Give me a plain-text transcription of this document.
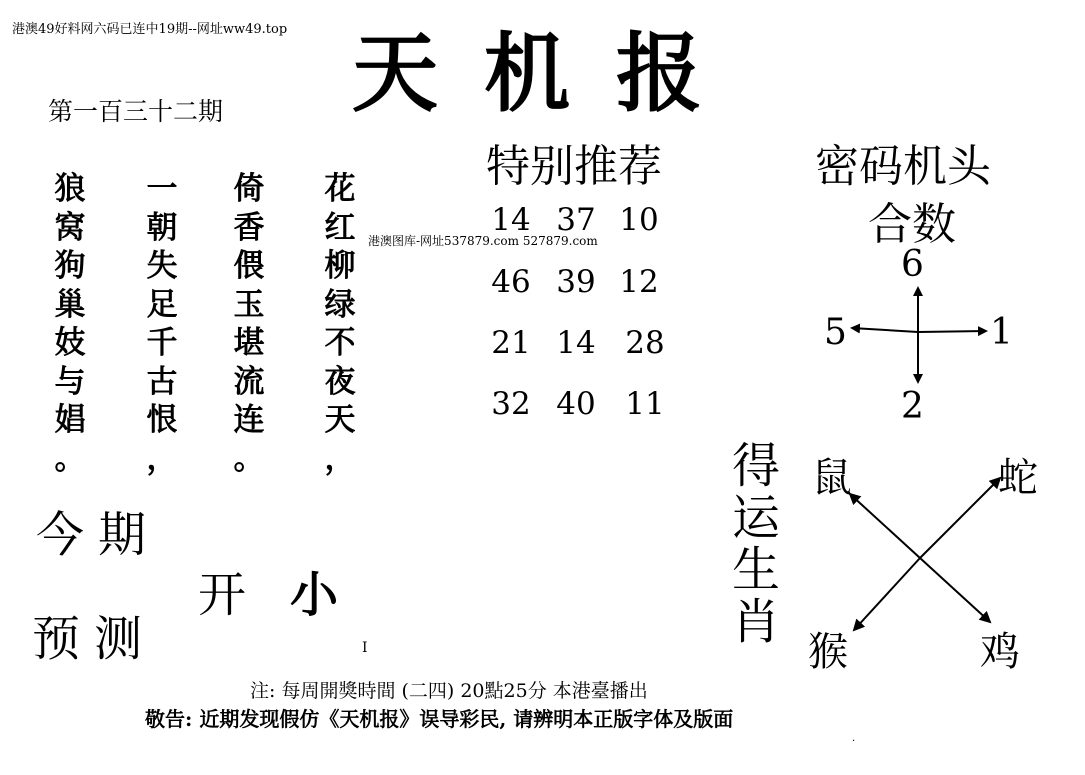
港澳49好料网六码已连中19期--网址ww49.top 天机报
第一百三十二期
狼
窝
狗
巢
妓
与
娼
。
一
朝
失
足
千
古
恨
，
倚
香
偎
玉
堪
流
连
。
花
红
柳
绿
不
夜
天
，
特别推荐
港澳图库-网址537879.com 527879.com
14 37 10
46 39 12
21 14 28
32 40 11
密码机头
合数
6
5	1
2
今期
预测
开 小
I
得
运
生
肖
鼠	蛇
猴	鸡
注: 每周開獎時間 (二四) 20點25分 本港臺播出
敬告: 近期发现假仿《天机报》误导彩民, 请辨明本正版字体及版面
·
